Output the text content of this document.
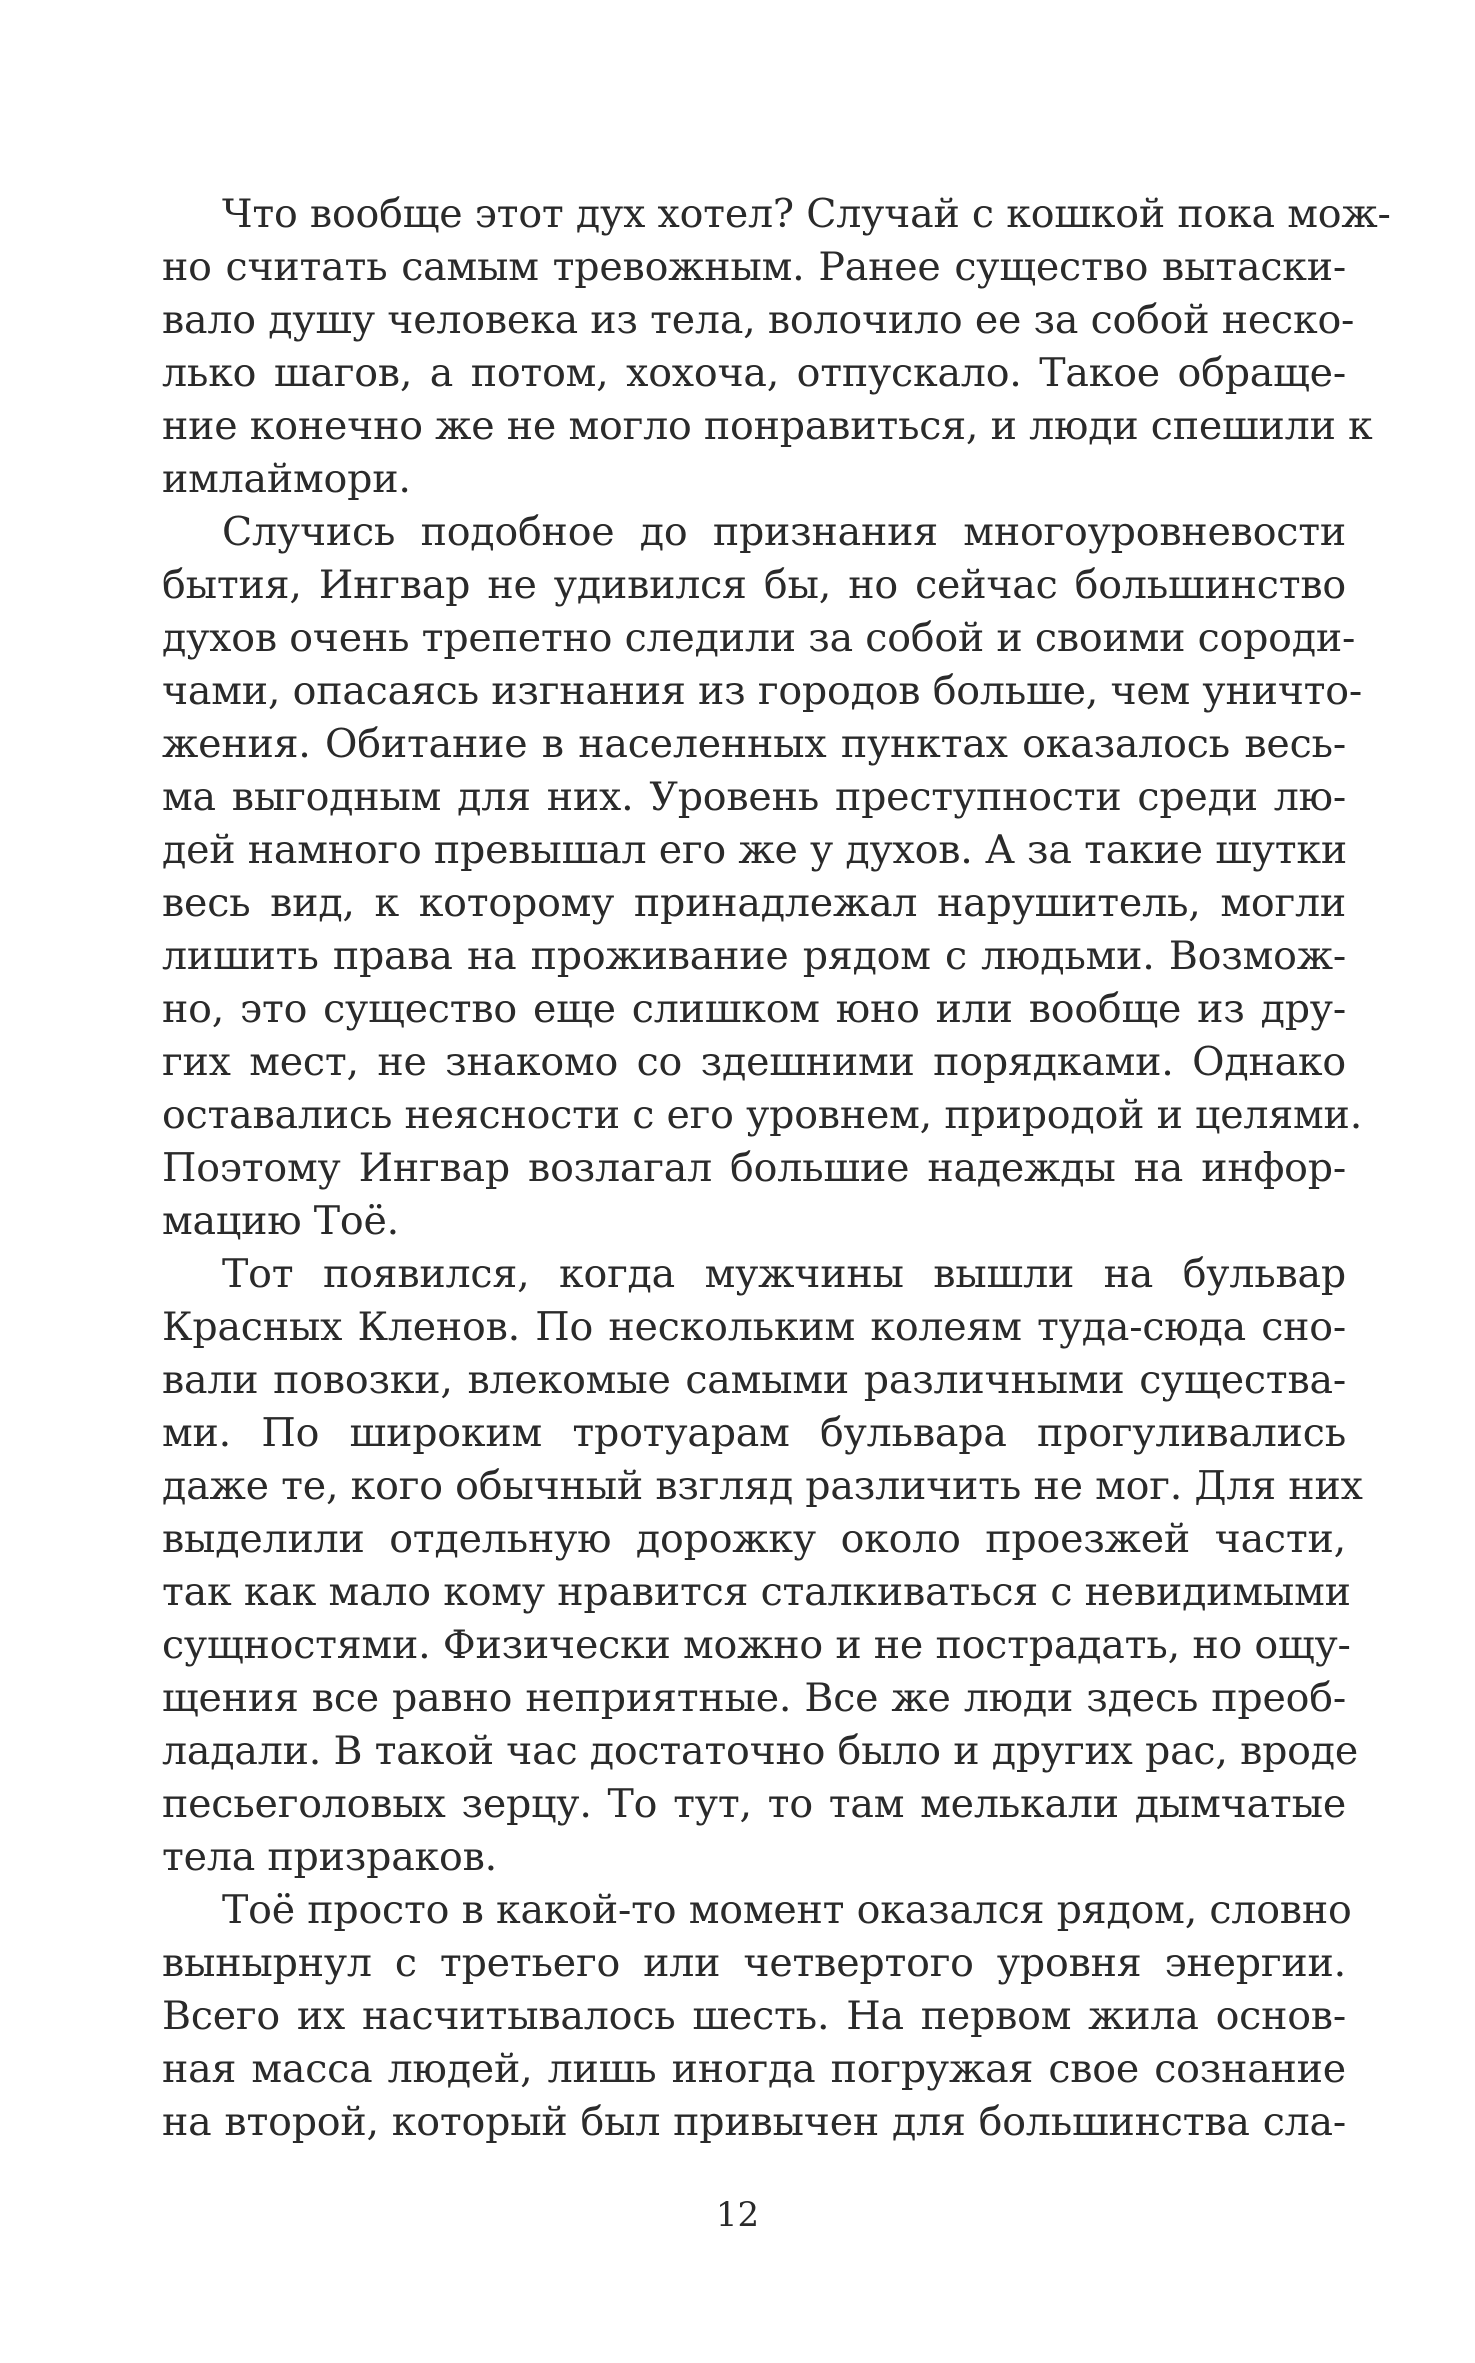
Что вообще этот дух хотел? Случай с кошкой пока мож-
но считать самым тревожным. Ранее существо вытаски-
вало душу человека из тела, волочило ее за собой неско-
лько шагов, а потом, хохоча, отпускало. Такое обраще-
ние конечно же не могло понравиться, и люди спешили к
имлаймори.
Случись подобное до признания многоуровневости
бытия, Ингвар не удивился бы, но сейчас большинство
духов очень трепетно следили за собой и своими сороди-
чами, опасаясь изгнания из городов больше, чем уничто-
жения. Обитание в населенных пунктах оказалось весь-
ма выгодным для них. Уровень преступности среди лю-
дей намного превышал его же у духов. А за такие шутки
весь вид, к которому принадлежал нарушитель, могли
лишить права на проживание рядом с людьми. Возмож-
но, это существо еще слишком юно или вообще из дру-
гих мест, не знакомо со здешними порядками. Однако
оставались неясности с его уровнем, природой и целями.
Поэтому Ингвар возлагал большие надежды на инфор-
мацию Тоё.
Тот появился, когда мужчины вышли на бульвар
Красных Кленов. По нескольким колеям туда-сюда сно-
вали повозки, влекомые самыми различными существа-
ми. По широким тротуарам бульвара прогуливались
даже те, кого обычный взгляд различить не мог. Для них
выделили отдельную дорожку около проезжей части,
так как мало кому нравится сталкиваться с невидимыми
сущностями. Физически можно и не пострадать, но ощу-
щения все равно неприятные. Все же люди здесь преоб-
ладали. В такой час достаточно было и других рас, вроде
песьеголовых зерцу. То тут, то там мелькали дымчатые
тела призраков.
Тоё просто в какой-то момент оказался рядом, словно
вынырнул с третьего или четвертого уровня энергии.
Всего их насчитывалось шесть. На первом жила основ-
ная масса людей, лишь иногда погружая свое сознание
на второй, который был привычен для большинства сла-
12
